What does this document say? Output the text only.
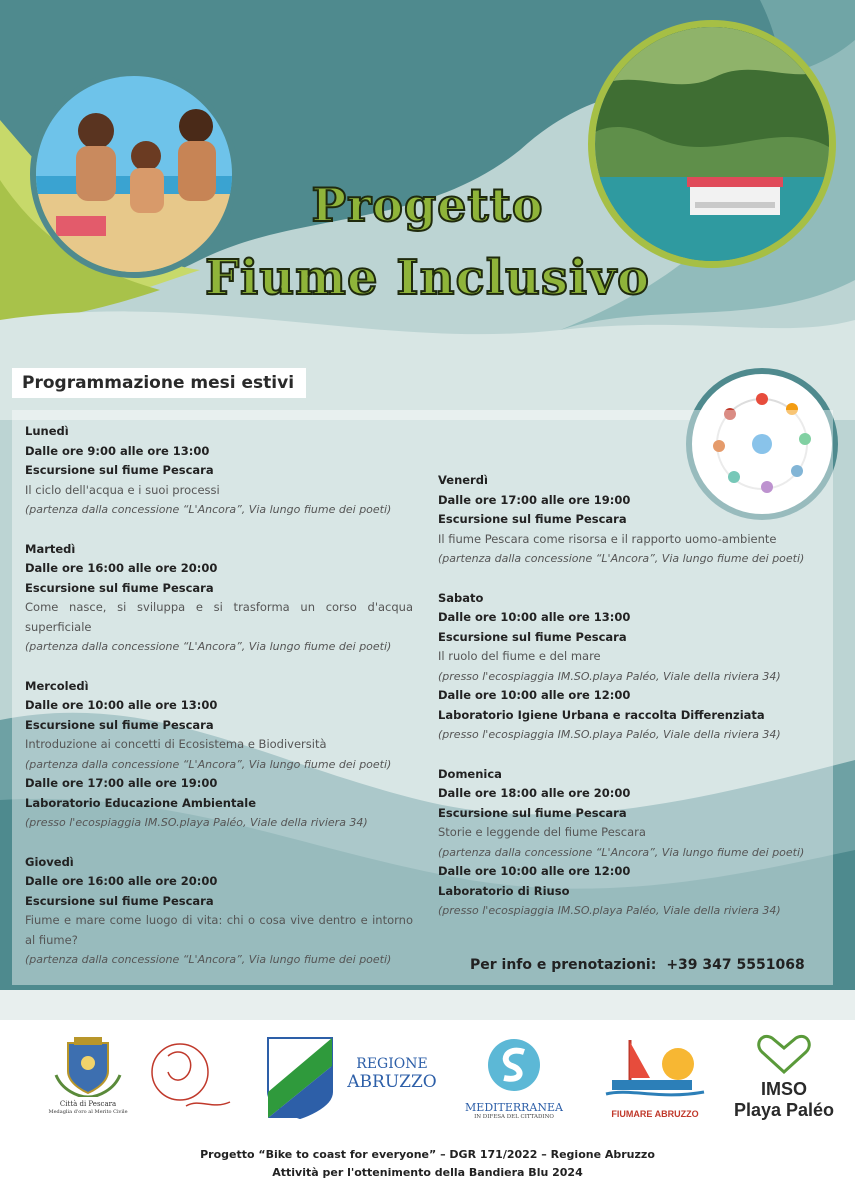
Progetto
Fiume Inclusivo
Programmazione mesi estivi
Lunedì
Dalle ore 9:00 alle ore 13:00
Escursione sul fiume Pescara
Il ciclo dell'acqua e i suoi processi
(partenza dalla concessione “L'Ancora”, Via lungo fiume dei poeti)
Martedì
Dalle ore 16:00 alle ore 20:00
Escursione sul fiume Pescara
Come nasce, si sviluppa e si trasforma un corso d'acqua superficiale
(partenza dalla concessione “L'Ancora”, Via lungo fiume dei poeti)
Mercoledì
Dalle ore 10:00 alle ore 13:00
Escursione sul fiume Pescara
Introduzione ai concetti di Ecosistema e Biodiversità
(partenza dalla concessione “L'Ancora”, Via lungo fiume dei poeti)
Dalle ore 17:00 alle ore 19:00
Laboratorio Educazione Ambientale
(presso l'ecospiaggia IM.SO.playa Paléo, Viale della riviera 34)
Giovedì
Dalle ore 16:00 alle ore 20:00
Escursione sul fiume Pescara
Fiume e mare come luogo di vita: chi o cosa vive dentro e intorno al fiume?
(partenza dalla concessione “L'Ancora”, Via lungo fiume dei poeti)
Venerdì
Dalle ore 17:00 alle ore 19:00
Escursione sul fiume Pescara
Il fiume Pescara come risorsa e il rapporto uomo-ambiente
(partenza dalla concessione “L'Ancora”, Via lungo fiume dei poeti)
Sabato
Dalle ore 10:00 alle ore 13:00
Escursione sul fiume Pescara
Il ruolo del fiume e del mare
(presso l'ecospiaggia IM.SO.playa Paléo, Viale della riviera 34)
Dalle ore 10:00 alle ore 12:00
Laboratorio Igiene Urbana e raccolta Differenziata
(presso l'ecospiaggia IM.SO.playa Paléo, Viale della riviera 34)
Domenica
Dalle ore 18:00 alle ore 20:00
Escursione sul fiume Pescara
Storie e leggende del fiume Pescara
(partenza dalla concessione “L'Ancora”, Via lungo fiume dei poeti)
Dalle ore 10:00 alle ore 12:00
Laboratorio di Riuso
(presso l'ecospiaggia IM.SO.playa Paléo, Viale della riviera 34)
Per info e prenotazioni: +39 347 5551068
Città di Pescara
Medaglia d'oro al Merito Civile
REGIONE
ABRUZZO
MEDITERRANEA
IN DIFESA DEL CITTADINO	FIUMARE ABRUZZO
IMSO
Playa Paléo
Progetto “Bike to coast for everyone” – DGR 171/2022 – Regione Abruzzo
Attività per l'ottenimento della Bandiera Blu 2024
